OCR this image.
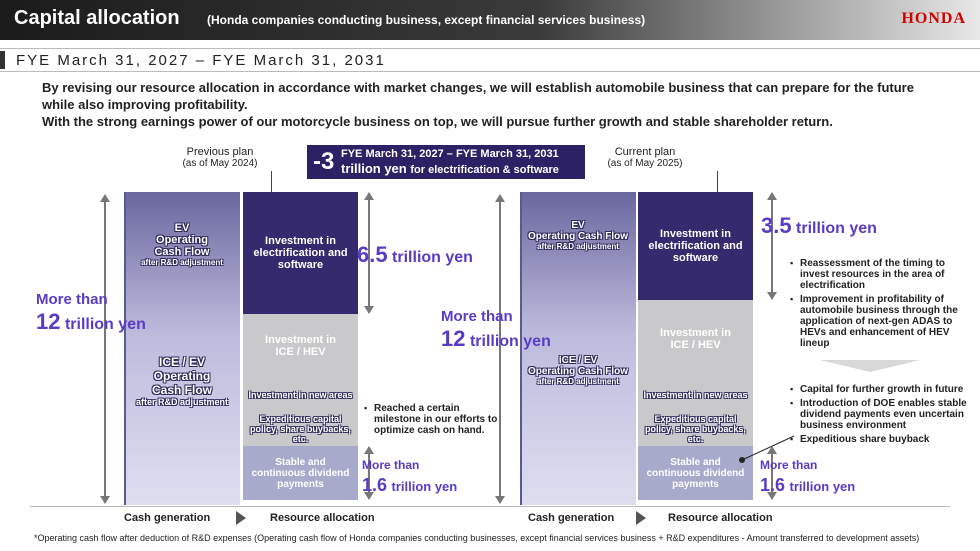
Capital allocation (Honda companies conducting business, except financial services business)	HONDA
FYE March 31, 2027 – FYE March 31, 2031
By revising our resource allocation in accordance with market changes, we will establish automobile business that can prepare for the future while also improving profitability.
With the strong earnings power of our motorcycle business on top, we will pursue further growth and stable shareholder return.
Previous plan
(as of May 2024)
Current plan
(as of May 2025)
-3 FYE March 31, 2027 – FYE March 31, 2031
trillion yen for electrification & software
EV
Operating
Cash Flow
after R&D adjustment
ICE / EV
Operating
Cash Flow
after R&D adjustment
More than
12 trillion yen
Investment in electrification and software
Investment in ICE / HEV
Investment in new areas
Expeditious capital policy, share buybacks, etc.
Stable and continuous dividend payments
6.5 trillion yen
More than
1.6 trillion yen
▪ Reached a certain milestone in our efforts to optimize cash on hand.
EV
Operating Cash Flow
after R&D adjustment
ICE / EV
Operating Cash Flow
after R&D adjustment
More than
12 trillion yen
Investment in electrification and software
Investment in ICE / HEV
Investment in new areas
Expeditious capital policy, share buybacks, etc.
Stable and continuous dividend payments
3.5 trillion yen
▪ Reassessment of the timing to invest resources in the area of electrification
▪ Improvement in profitability of automobile business through the application of next-gen ADAS to HEVs and enhancement of HEV lineup
▪ Capital for further growth in future
▪ Introduction of DOE enables stable dividend payments even uncertain business environment
▪ Expeditious share buyback
More than
1.6 trillion yen
Cash generation	Resource allocation	Cash generation	Resource allocation
*Operating cash flow after deduction of R&D expenses (Operating cash flow of Honda companies conducting businesses, except financial services business + R&D expenditures - Amount transferred to development assets)
